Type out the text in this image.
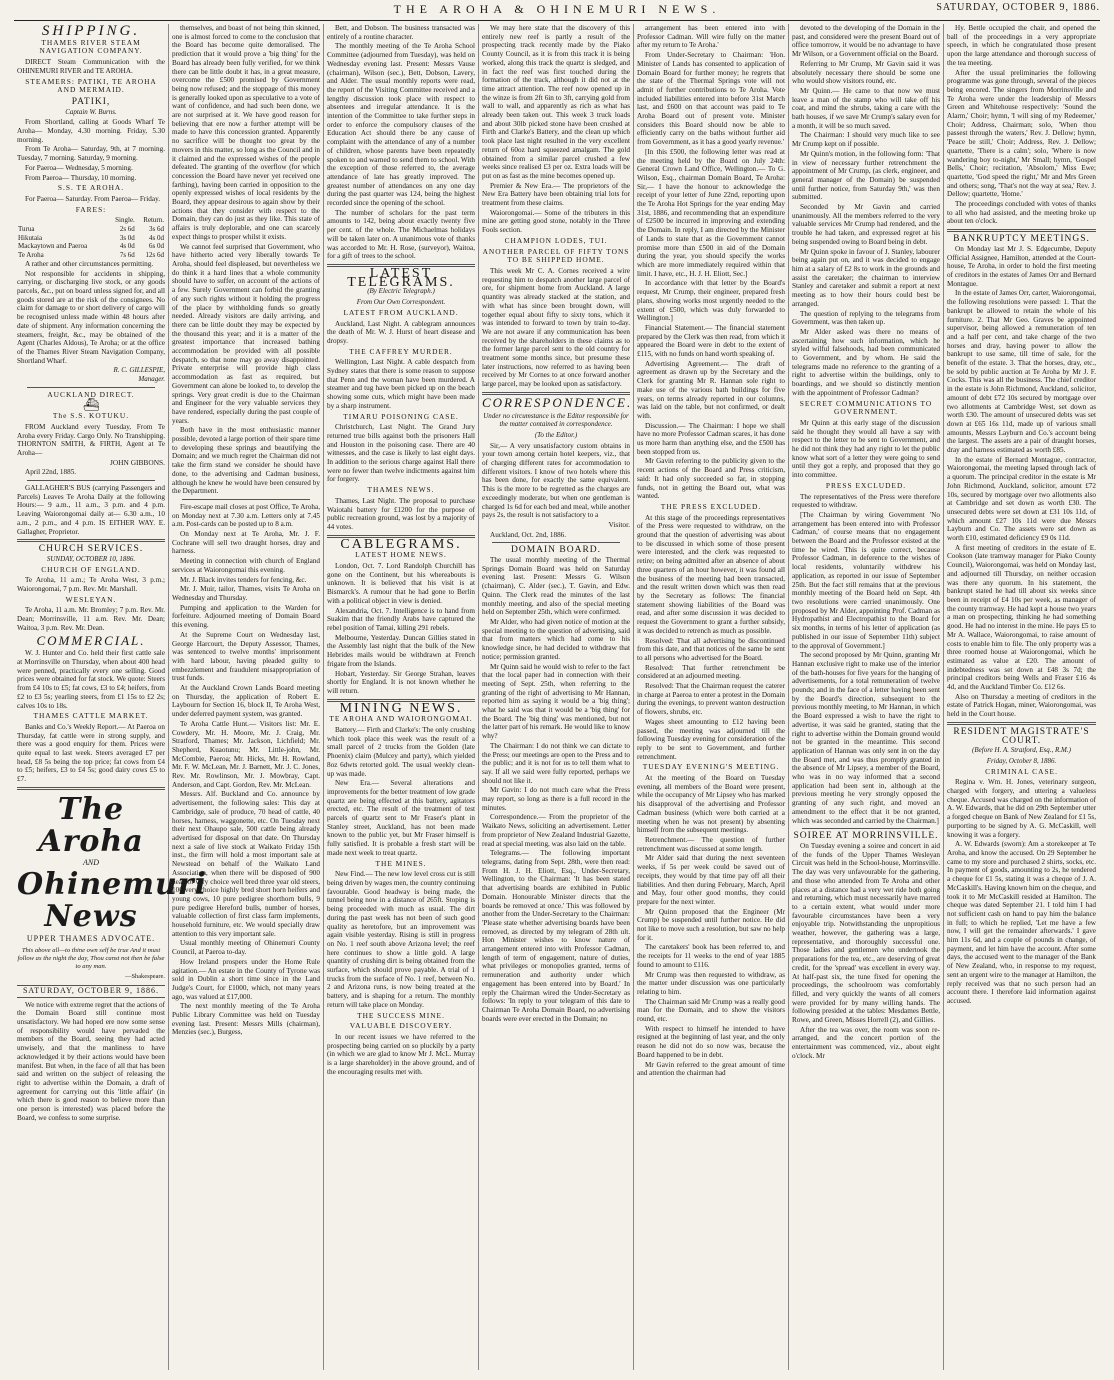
THE AROHA & OHINEMURI NEWS.	SATURDAY, OCTOBER 9, 1886.
SHIPPING.
THAMES RIVER STEAM NAVIGATION COMPANY.

DIRECT Steam Communication with the OHINEMURI RIVER and TE AROHA.

STEAMERS: PATIKI, TE AROHA AND MERMAID.
PATIKI,
Captain W. Burns.

From Shortland, calling at Goods Wharf Te Aroha— Monday, 4.30 morning. Friday, 5.30 morning.

From Te Aroha— Saturday, 9th, at 7 morning. Tuesday, 7 morning. Saturday, 9 morning.

For Paeroa— Wednesday, 5 morning.

From Paeroa— Thursday, 10 morning.

S.S. TE AROHA.

For Paeroa— Saturday. From Paeroa— Friday.

FARES:
	Single.	Return.
Turua	2s 6d	3s 6d
Hikutaia	3s 0d	4s 0d
Mackaytown and Paeroa	4s 0d	6s 0d
Te Aroha	7s 6d	12s 6d

A rather and other circumstances permitting.

Not responsible for accidents in shipping, carrying, or discharging live stock, or any goods parcels, &c., put on board unless signed for, and all goods stored are at the risk of the consignees. No claim for damage to or short delivery of cargo will be recognised unless made within 48 hours after date of shipment. Any information concerning the steamers, freight, &c., may be obtained of the Agent (Charles Aldous), Te Aroha; or at the office of the Thames River Steam Navigation Company, Shortland Wharf.

R. C. GILLESPIE,
Manager.
AUCKLAND DIRECT.
⛴
The S.S. KOTUKU.

FROM Auckland every Tuesday, From Te Aroha every Friday. Cargo Only. No Transhipping. THORNTON SMITH, & FIRTH, Agent at Te Aroha—

JOHN GIBBONS.

April 22nd, 1885.

GALLAGHER'S BUS (carrying Passengers and Parcels) Leaves Te Aroha Daily at the following Hours:— 9 a.m., 11 a.m., 3 p.m. and 4 p.m. Leaving Waiorongomai daily at— 6.30 a.m., 10 a.m., 2 p.m., and 4 p.m. IS EITHER WAY. E. Gallagher, Proprietor.

CHURCH SERVICES.
SUNDAY, OCTOBER 10, 1886.
CHURCH OF ENGLAND.

Te Aroha, 11 a.m.; Te Aroha West, 3 p.m.; Waiorongomai, 7 p.m. Rev. Mr. Marshall.

WESLEYAN.

Te Aroha, 11 a.m. Mr. Bromley; 7 p.m. Rev. Mr. Dean; Morrinsville, 11 a.m. Rev. Mr. Dean; Waitoa, 3 p.m. Rev. Mr. Dean.

COMMERCIAL.

W. J. Hunter and Co. held their first cattle sale at Morrinsville on Thursday, when about 400 head were penned, practically every one selling. Good prices were obtained for fat stock. We quote: Steers from £4 10s to £5; fat cows, £3 to £4; heifers, from £2 to £3 5s; yearling steers, from £1 15s to £2 2s; calves 10s to 18s.

THAMES CATTLE MARKET.

Banks and Co.'s Weekly Report.— At Paeroa on Thursday, fat cattle were in strong supply, and there was a good enquiry for them. Prices were quite equal to last week. Steers averaged £7 per head, £8 5s being the top price; fat cows from £4 to £5; heifers, £3 to £4 5s; good dairy cows £5 to £7.

The Aroha
AND
Ohinemuri News
UPPER THAMES ADVOCATE.
This above all—to thine own self be true And it must follow as the night the day, Thou canst not then be false to any man.
—Shakespeare.
SATURDAY, OCTOBER 9, 1886.

We notice with extreme regret that the actions of the Domain Board still continue most unsatisfactory. We had hoped ere now some sense of responsibility would have pervaded the members of the Board, seeing they had acted unwisely, and that the manliness to have acknowledged it by their actions would have been manifest. But when, in the face of all that has been said and written on the subject of releasing the right to advertise within the Domain, a draft of agreement for carrying out this 'little affair' (in which there is good reason to believe more than one person is interested) was placed before the Board, we confess to some surprise.

themselves, and boast of not being thin skinned, one is almost forced to come to the conclusion that the Board has become quite demoralised. The prediction that it would prove a 'big thing' for the Board has already been fully verified, for we think there can be little doubt it has, in a great measure, overcome the £500 promised by Government being now refused; and the stoppage of this money is generally looked upon as speculative to a vote of want of confidence, and had such been done, we are not surprised at it. We have good reason for believing that ere now a further attempt will be made to have this concession granted. Apparently no sacrifice will be thought too great by the movers in this matter, so long as the Council and in it claimed and the expressed wishes of the people defeated. The granting of the overflow (for which concession the Board have never yet received one farthing), having been carried in opposition to the openly expressed wishes of local residents by the Board, they appear desirous to again show by their actions that they consider with respect to the Domain, they can do just as they like. This state of affairs is truly deplorable, and one can scarcely expect things to prosper whilst it exists.

We cannot feel surprised that Government, who have hitherto acted very liberally towards Te Aroha, should feel displeased, but nevertheless we do think it a hard lines that a whole community should have to suffer, on account of the actions of a few. Surely Government can forbid the granting of any such rights without it holding the progress of the place by withholding funds so greatly needed. Already visitors are daily arriving, and there can be little doubt they may be expected by the thousand this year; and it is a matter of the greatest importance that increased bathing accommodation be provided with all possible despatch, so that none may go away disappointed. Private enterprise will provide high class accommodation as fast as required, but Government can alone be looked to, to develop the springs. Very great credit is due to the Chairman and Engineer for the very valuable services they have rendered, especially during the past couple of years.

Both have in the most enthusiastic manner possible, devoted a large portion of their spare time to developing these springs and beautifying the Domain; and we much regret the Chairman did not take the firm stand we consider he should have done, to the advertising and Cadman business, although he knew he would have been censured by the Department.

Fire-escape mail closes at post Office, Te Aroha, on Monday next at 7.30 a.m. Letters only at 7.45 a.m. Post-cards can be posted up to 8 a.m.

On Monday next at Te Aroha, Mr. J. F. Cochrane will sell two draught horses, dray and harness.

Meeting in connection with church of England services at Waiorongomai this evening.

Mr. J. Black invites tenders for fencing, &c.

Mr. J. Muir, tailor, Thames, visits Te Aroha on Wednesday and Thursday.

Pumping and application to the Warden for forfeiture. Adjourned meeting of Domain Board this evening.

At the Supreme Court on Wednesday last, George Harcourt, the Deputy Assessor, Thames, was sentenced to twelve months' imprisonment with hard labour, having pleaded guilty to embezzlement and fraudulent misappropriation of trust funds.

At the Auckland Crown Lands Board meeting on Thursday, the application of Robert E. Laybourn for Section 16, block II, Te Aroha West, under deferred payment system, was granted.

Te Aroha Cattle Hunt.— Visitors list: Mr. E. Cowdery, Mr. H. Moore, Mr. J. Craig, Mr. Stratford, Thames; Mr. Jackson, Lichfield; Mr. Shepherd, Kuaotunu; Mr. Little-john, Mr. McCombie, Paeroa; Mr. Hicks, Mr. H. Rowland, Mr. F. W. McLean, Mr. J. Barnett, Mr. J. C. Jones, Rev. Mr. Rowlinson, Mr. J. Mowbray, Capt. Anderson, and Capt. Gordon, Rev. Mr. McLean.

Messrs. Alf. Buckland and Co. announce by advertisement, the following sales: This day at Cambridge, sale of produce, 70 head of cattle, 40 horses, harness, waggonette, etc. On Tuesday next their next Ohaupo sale, 500 cattle being already advertised for disposal on that date. On Thursday next a sale of live stock at Waikato Friday 15th inst., the firm will hold a most important sale at Newstead on behalf of the Waikato Land Association, when there will be disposed of 900 head of very choice well bred three year old steers, 100 very choice highly bred short horn heifers and young cows, 10 pure pedigree shorthorn bulls, 9 pure pedigree Hereford bulls, number of horses, valuable collection of first class farm implements, household furniture, etc. We would specially draw attention to this very important sale.

Usual monthly meeting of Ohinemuri County Council, at Paeroa to-day.

How Ireland prospers under the Home Rule agitation.— An estate in the County of Tyrone was sold in Dublin a short time since in the Land Judge's Court, for £1000, which, not many years ago, was valued at £17,000.

The next monthly meeting of the Te Aroha Public Library Committee was held on Tuesday evening last. Present: Messrs Mills (chairman), Menzies (sec.), Burgess,

Bett, and Dobson. The business transacted was entirely of a routine character.

The monthly meeting of the Te Aroha School Committee (adjourned from Tuesday), was held on Wednesday evening last. Present: Messrs Vause (chairman), Wilson (sec.), Bett, Dobson, Lavery, and Alder. The usual monthly reports were read, the report of the Visiting Committee received and a lengthy discussion took place with respect to absentees and irregular attendance. It is the intention of the Committee to take further steps in order to enforce the compulsory clauses of the Education Act should there be any cause of complaint with the attendance of any of a number of children, whose parents have been repeatedly spoken to and warned to send them to school. With the exception of those referred to, the average attendance of late has greatly improved. The greatest number of attendances on any one day during the past quarter was 124, being the highest recorded since the opening of the school.

The number of scholars for the past term amounts to 142, being about exactly twenty five per cent. of the whole. The Michaelmas holidays will be taken later on. A unanimous vote of thanks was accorded to Mr. H. Rose, (surveyor), Waitoa, for a gift of trees to the school.

LATEST TELEGRAMS.
(By Electric Telegraph.)
From Our Own Correspondent.
LATEST FROM AUCKLAND.

Auckland, Last Night. A cablegram announces the death of Mr. W. J. Hurst of heart disease and dropsy.

THE CAFFREY MURDER.

Wellington, Last Night. A cable despatch from Sydney states that there is some reason to suppose that Penn and the woman have been murdered. A steamer and tug have been picked up on the beach showing some cuts, which might have been made by a sharp instrument.

TIMARU POISONING CASE.

Christchurch, Last Night. The Grand Jury returned true bills against both the prisoners Hall and Houston in the poisoning case. There are 40 witnesses, and the case is likely to last eight days. In addition to the serious charge against Hall there were no fewer than twelve indictments against him for forgery.

THAMES NEWS.

Thames, Last Night. The proposal to purchase Waiotahi battery for £1200 for the purpose of public recreation ground, was lost by a majority of 44 votes.

CABLEGRAMS.
LATEST HOME NEWS.

London, Oct. 7. Lord Randolph Churchill has gone on the Continent, but his whereabouts is unknown. It is believed that his visit is at Bismarck's. A rumour that he had gone to Berlin with a political object in view is denied.

Alexandria, Oct. 7. Intelligence is to hand from Suakim that the friendly Arabs have captured the rebel position of Tamai, killing 291 rebels.

Melbourne, Yesterday. Duncan Gillies stated in the Assembly last night that the bulk of the New Hebrides mails would be withdrawn at French frigate from the Islands.

Hobart, Yesterday. Sir George Strahan, leaves shortly for England. It is not known whether he will return.

MINING NEWS.
TE AROHA AND WAIORONGOMAI.

Battery.— Firth and Clarke's: The only crushing which took place this week was the result of a small parcel of 2 trucks from the Golden (late Phoenix) claim (Mulcey and party), which yielded 8oz 6dwts retorted gold. The usual weekly clean-up was made.

New Era.— Several alterations and improvements for the better treatment of low grade quartz are being effected at this battery, agitators erected, etc. The result of the treatment of test parcels of quartz sent to Mr Fraser's plant in Stanley street, Auckland, has not been made known to the public yet, but Mr Fraser himself is fully satisfied. It is probable a fresh start will be made next week to treat quartz.

THE MINES.

New Find.— The new low level cross cut is still being driven by wages men, the country continuing favourable. Good headway is being made, the tunnel being now in a distance of 265ft. Stoping is being proceeded with much as usual. The dirt during the past week has not been of such good quality as heretofore, but an improvement was again visible yesterday. Rising is still in progress on No. 1 reef south above Arizona level; the reef here continues to show a little gold. A large quantity of crushing dirt is being obtained from the surface, which should prove payable. A trial of 1 trucks from the surface of No. 1 reef, between No. 2 and Arizona runs, is now being treated at the battery, and is shaping for a return. The monthly return will take place on Monday.

THE SUCCESS MINE.
VALUABLE DISCOVERY.

In our recent issues we have referred to the prospecting being carried on so pluckily by a party (in which we are glad to know Mr J. McL. Murray is a large shareholder) in the above ground, and of the encouraging results met with.

We may here state that the discovery of this entirely new reef is partly a result of the prospecting track recently made by the Piako County Council, as it is from this track it is being worked, along this track the quartz is sledged, and in fact the reef was first touched during the formation of the track, although it did not at the time attract attention. The reef now opened up in the winze is from 2ft 6in to 3ft, carrying gold from wall to wall, and apparently as rich as what has already been taken out. This week 3 truck loads and about 30lb picked stone have been crushed at Firth and Clarke's Battery, and the clean up which took place last night resulted in the very excellent return of 60oz hard squeezed amalgam. The gold obtained from a similar parcel crushed a few weeks since realised £3 per oz. Extra loads will be put on as fast as the mine becomes opened up.

Premier & New Era.— The proprietors of the New Era Battery have been obtaining trial lots for treatment from these claims.

Waiorongomai.— Some of the tributers in this mine are getting good stone, notably in the Three Fools section.

CHAMPION LODES, TUI.
ANOTHER PARCEL OF FIFTY TONS TO BE SHIPPED HOME.

This week Mr C. A. Cornes received a wire requesting him to despatch another large parcel of ore, for shipment home from Auckland. A large quantity was already stacked at the station, and with what has since been brought down, will together equal about fifty to sixty tons, which it was intended to forward to town by train to-day. We are not aware if any communication has been received by the shareholders in these claims as to the former large parcel sent to the old country for treatment some months since, but presume these later instructions, now referred to as having been received by Mr Cornes to at once forward another large parcel, may be looked upon as satisfactory.

CORRESPONDENCE.
Under no circumstance is the Editor responsible for the matter contained in correspondence.
(To the Editor.)

Sir,— A very unsatisfactory custom obtains in your town among certain hotel keepers, viz., that of charging different rates for accommodation to different visitors. I know of two hotels where this has been done, for exactly the same equivalent. This is the more to be regretted as the charges are exceedingly moderate, but when one gentleman is charged 1s 6d for each bed and meal, while another pays 2s, the result is not satisfactory to a

Visitor.

Auckland, Oct. 2nd, 1886.

DOMAIN BOARD.

The usual monthly meeting of the Thermal Springs Domain Board was held on Saturday evening last. Present: Messrs G. Wilson (chairman), C. Alder (sec.), T. Gavin, and Edw. Quinn. The Clerk read the minutes of the last monthly meeting, and also of the special meeting held on September 25th, which were confirmed.

Mr Alder, who had given notice of motion at the special meeting to the question of advertising, said that from matters which had come to his knowledge since, he had decided to withdraw that notice; permission granted.

Mr Quinn said he would wish to refer to the fact that the local paper had in connection with their meeting of Sept. 25th, when referring to the granting of the right of advertising to Mr Hannan, reported him as saying it would be a 'big thing'; what he said was that it would be a 'big thing' for the Board. The 'big thing' was mentioned, but not the latter part of his remark. He would like to know why?

The Chairman: I do not think we can dictate to the Press; our meetings are open to the Press and to the public; and it is not for us to tell them what to say. If all we said were fully reported, perhaps we should not like it.

Mr Gavin: I do not much care what the Press may report, so long as there is a full record in the minutes.

Correspondence.— From the proprietor of the Waikato News, soliciting an advertisement. Letter from proprietor of New Zealand Industrial Gazette, read at special meeting, was also laid on the table.

Telegrams.— The following important telegrams, dating from Sept. 28th, were then read: From H. J. H. Eliott, Esq., Under-Secretary, Wellington, to the Chairman: 'It has been stated that advertising boards are exhibited in Public Domain. Honourable Minister directs that the boards be removed at once.' This was followed by another from the Under-Secretary to the Chairman: 'Please state whether advertising boards have been removed, as directed by my telegram of 28th ult. Hon Minister wishes to know nature of arrangement entered into with Professor Cadman, length of term of engagement, nature of duties, what privileges or monopolies granted, terms of remuneration and authority under which engagement has been entered into by Board.' In reply the Chairman wired the Under-Secretary as follows: 'In reply to your telegram of this date to Chairman Te Aroha Domain Board, no advertising boards were ever erected in the Domain; no

arrangement has been entered into with Professor Cadman. Will wire fully on the matter after my return to Te Aroha.'

From Under-Secretary to Chairman: 'Hon. Minister of Lands has consented to application of Domain Board for further money; he regrets that the state of the Thermal Springs vote will not admit of further contributions to Te Aroha. Vote included liabilities entered into before 31st March last, and £600 on that account was paid to Te Aroha Board out of present vote. Minister considers this Board should now be able to efficiently carry on the baths without further aid from Government, as it has a good yearly revenue.'

[In this £500, the following letter was read at the meeting held by the Board on July 24th: General Crown Land Office, Wellington.— To G. Wilson, Esq., chairman Domain Board, Te Aroha: Sir,— I have the honour to acknowledge the receipt of your letter of June 22nd, reporting upon the Te Aroha Hot Springs for the year ending May 31st, 1886, and recommending that an expenditure of £2500 be incurred in improving and extending the Domain. In reply, I am directed by the Minister of Lands to state that as the Government cannot promise more than £500 in aid of the Domain during the year, you should specify the works which are more immediately required within that limit. I have, etc., H. J. H. Eliott, Sec.]

In accordance with that letter by the Board's request, Mr Crump, their engineer, prepared fresh plans, showing works most urgently needed to the extent of £500, which was duly forwarded to Wellington.]

Financial Statement.— The financial statement prepared by the Clerk was then read, from which it appeared the Board were in debt to the extent of £115, with no funds on hand worth speaking of.

Advertising Agreement.— The draft of agreement as drawn up by the Secretary and the Clerk for granting Mr R. Hannan sole right to make use of the various bath buildings for five years, on terms already reported in our columns, was laid on the table, but not confirmed, or dealt with.

Discussion.— The Chairman: I hope we shall have no more Professor Cadman scares, it has done us more harm than anything else, and the £500 has been stopped from us.

Mr Gavin referring to the publicity given to the recent actions of the Board and Press criticism, said: It had only succeeded so far, in stopping funds, not in getting the Board out, what was wanted.

THE PRESS EXCLUDED.

At this stage of the proceedings representatives of the Press were requested to withdraw, on the ground that the question of advertising was about to be discussed in which some of those present were interested, and the clerk was requested to retire; on being admitted after an absence of about three quarters of an hour however, it was found all the business of the meeting had been transacted, and the result written down which was then read by the Secretary as follows: The financial statement showing liabilities of the Board was read, and after some discussion it was decided to request the Government to grant a further subsidy, it was decided to retrench as much as possible.

Resolved: That all advertising be discontinued from this date, and that notices of the same be sent to all persons who advertised for the Board.

Resolved: That further retrenchment be considered at an adjourned meeting.

Resolved: That the Chairman request the caterer in charge at Paeroa to enter a protest in the Domain during the evenings, to prevent wanton destruction of flowers, shrubs, etc.

Wages sheet amounting to £12 having been passed, the meeting was adjourned till the following Tuesday evening for consideration of the reply to be sent to Government, and further retrenchment.

TUESDAY EVENING'S MEETING.

At the meeting of the Board on Tuesday evening, all members of the Board were present, while the occupancy of Mr Lipsey who has marked his disapproval of the advertising and Professor Cadman business (which were both carried at a meeting when he was not present) by absenting himself from the subsequent meetings.

Retrenchment.— The question of further retrenchment was discussed at some length.

Mr Alder said that during the next seventeen weeks, if 5s per week could be saved out of receipts, they would by that time pay off all their liabilities. And then during February, March, April and May, four other good months, they could prepare for the next winter.

Mr Quinn proposed that the Engineer (Mr Crump) be suspended until further notice. He did not like to move such a resolution, but saw no help for it.

The caretakers' book has been referred to, and the receipts for 11 weeks to the end of year 1885 found to amount to £116.

Mr Crump was then requested to withdraw, as the matter under discussion was one particularly relating to him.

The Chairman said Mr Crump was a really good man for the Domain, and to show the visitors round, etc.

With respect to himself he intended to have resigned at the beginning of last year, and the only reason he did not do so now was, because the Board happened to be in debt.

Mr Gavin referred to the great amount of time and attention the chairman had

devoted to the developing of the Domain in the past, and considered were the present Board out of office tomorrow, it would be no advantage to have Mr Wilson, or a Government official on the Board.

Referring to Mr Crump, Mr Gavin said it was absolutely necessary there should be some one who would show visitors round, etc.

Mr Quinn.— He came to that now we must leave a man of the stamp who will take off his coat, and mind the shrubs, taking a care with the bath houses, if we save Mr Crump's salary even for a month, it will be so much saved.

The Chairman: I should very much like to see Mr Crump kept on if possible.

Mr Quinn's motion, in the following form: 'That in view of necessary further retrenchment the appointment of Mr Crump, (as clerk, engineer, and general manager of the Domain) be suspended until further notice, from Saturday 9th,' was then submitted.

Seconded by Mr Gavin and carried unanimously. All the members referred to the very valuable services Mr Crump had rendered, and the trouble he had taken, and expressed regret at his being suspended owing to Board being in debt.

Mr Quinn spoke in favour of J. Stanley, labourer being again put on, and it was decided to engage him at a salary of £2 8s to work in the grounds and assist the caretaker; the chairman to interview Stanley and caretaker and submit a report at next meeting as to how their hours could best be arranged.

The question of replying to the telegrams from Government, was then taken up.

Mr Alder asked was there no means of ascertaining how such information, which he styled wilful falsehoods, had been communicated to Government, and by whom. He said the telegrams made no reference to the granting of a right to advertise within the buildings, only to boardings, and we should so distinctly mention with the appointment of Professor Cadman?

SECRET COMMUNICATIONS TO GOVERNMENT.

Mr Quinn at this early stage of the discussion said he thought they would all have a say with respect to the letter to be sent to Government, and he did not think they had any right to let the public know what sort of a letter they were going to send until they got a reply, and proposed that they go into committee.

PRESS EXCLUDED.

The representatives of the Press were therefore requested to withdraw.

[The Chairman by wiring Government 'No arrangement has been entered into with Professor Cadman,' of course means that no engagement between the Board and the Professor existed at the time he wired. This is quite correct, because Professor Cadman, in deference to the wishes of local residents, voluntarily withdrew his application, as reported in our issue of September 25th. But the fact still remains that at the previous monthly meeting of the Board held on Sept. 4th two resolutions were carried unanimously. One proposed by Mr Alder, appointing Prof. Cadman as Hydropathist and Electropathist to the Board for six months, in terms of his letter of application (as published in our issue of September 11th) subject to the approval of Government.]

The second proposed by Mr Quinn, granting Mr Hannan exclusive right to make use of the interior of the bath-houses for five years for the hanging of advertisements, for a total remuneration of twelve pounds; and in the face of a letter having been sent by the Board's direction, subsequent to the previous monthly meeting, to Mr Hannan, in which the Board expressed a wish to have the right to advertise, it was said he granted, stating that the right to advertise within the Domain ground would not be granted in the meantime. This second application of Hannan was only sent in on the day the Board met, and was thus promptly granted in the absence of Mr Lipsey, a member of the Board, who was in no way informed that a second application had been sent in, although at the previous meeting he very strongly opposed the granting of any such right, and moved an amendment to the effect that it be not granted, which was seconded and carried by the Chairman.]

SOIREE AT MORRINSVILLE.

On Tuesday evening a soiree and concert in aid of the funds of the Upper Thames Wesleyan Circuit was held in the School-house, Morrinsville. The day was very unfavourable for the gathering, and those who attended from Te Aroha and other places at a distance had a very wet ride both going and returning, which must necessarily have marred to a certain extent, what would under more favourable circumstances have been a very enjoyable trip. Notwithstanding the unpropitious weather, however, the gathering was a large, representative, and thoroughly successful one. Those ladies and gentlemen who undertook the preparations for the tea, etc., are deserving of great credit, for the 'spread' was excellent in every way. At half-past six, the tune fixed for opening the proceedings, the schoolroom was comfortably filled, and very quickly the wants of all comers were provided for by many willing hands. The following presided at the tables: Mesdames Bettle, Rowe, and Green, Misses Horrell (2), and Gillies.

After the tea was over, the room was soon re-arranged, and the concert portion of the entertainment was commenced, viz., about eight o'clock. Mr

Hy. Bettle occupied the chair, and opened the ball of the proceedings in a very appropriate speech, in which he congratulated those present upon the large attendance and thorough success of the tea meeting.

After the usual preliminaries the following programme was gone through, several of the pieces being encored. The singers from Morrinsville and Te Aroha were under the leadership of Messrs Green and Whitehouse respectively: 'Sound the Alarm,' Choir; hymn, 'I will sing of my Redeemer,' Choir; Address, Chairman; solo, 'When thou passest through the waters,' Rev. J. Dellow; hymn, 'Peace be still,' Choir; Address, Rev. J. Dellow; quartette, 'There is a calm'; solo, 'Where is now wandering boy to-night,' Mr Small; hymn, 'Gospel Bells,' Choir; recitation, 'Absolom,' Miss Ewe; quartette, 'God speed the right,' Mr and Mrs Green and others; song, 'That's not the way at sea,' Rev. J. Dellow; quartette, 'Home.'

The proceedings concluded with votes of thanks to all who had assisted, and the meeting broke up about ten o'clock.

BANKRUPTCY MEETINGS.

On Monday last Mr J. S. Edgecumbe, Deputy Official Assignee, Hamilton, attended at the Court-house, Te Aroha, in order to hold the first meeting of creditors in the estates of James Orr and Bernard Montague.

In the estate of James Orr, carter, Waiorongomai, the following resolutions were passed: 1. That the bankrupt be allowed to retain the whole of his furniture. 2. That Mr Geo. Graves be appointed supervisor, being allowed a remuneration of ten and a half per cent, and take charge of the two horses and dray, having power to allow the bankrupt to use same, till time of sale, for the benefit of the estate. 3. That the horses, dray, etc., be sold by public auction at Te Aroha by Mr J. F. Cocks. This was all the business. The chief creditor in the estate is John Richmond, Auckland, solicitor, amount of debt £72 10s secured by mortgage over two allotments at Cambridge West, set down as worth £30. The amount of unsecured debts was set down at £65 16s 11d, made up of various small amounts, Messrs Layburn and Co.'s account being the largest. The assets are a pair of draught horses, dray and harness estimated as worth £85.

In the estate of Bernard Montague, contractor, Waiorongomai, the meeting lapsed through lack of a quorum. The principal creditor in the estate is Mr John Richmond, Auckland, solicitor, amount £72 10s, secured by mortgage over two allotments also at Cambridge and set down as worth £30. The unsecured debts were set down at £31 10s 11d, of which amount £27 10s 11d were due Messrs Layburn and Co. The assets were set down as worth £10, estimated deficiency £9 0s 11d.

A first meeting of creditors in the estate of E. Cookson (late tramway manager for Piako County Council), Waiorongomai, was held on Monday last, and adjourned till Thursday, on neither occasion was there any quorum. In his statement, the bankrupt stated he had till about six weeks since been in receipt of £4 10s per week, as manager of the county tramway. He had kept a house two years a man on prospecting, thinking he had something good. He had no interest in the mine. He pays £5 to Mr A. Wallace, Waiorongomai, to raise amount of costs to enable him to file. The only property was a three roomed house at Waiorongomai, which he estimated as value at £20. The amount of indebtedness was set down at £48 3s 7d; the principal creditors being Wells and Fraser £16 4s 4d, and the Auckland Timber Co. £12 6s.

Also on Thursday a meeting of creditors in the estate of Patrick Hogan, miner, Waiorongomai, was held in the Court house.

RESIDENT MAGISTRATE'S COURT.
(Before H. A. Stratford, Esq., R.M.)
Friday, October 8, 1886.
CRIMINAL CASE.

Regina v. Wm. H. Jones, veterinary surgeon, charged with forgery, and uttering a valueless cheque. Accused was charged on the information of A. W. Edwards, that he did on 29th September utter a forged cheque on Bank of New Zealand for £1 5s, purporting to be signed by A. G. McCaskill, well knowing it was a forgery.

A. W. Edwards (sworn): Am a storekeeper at Te Aroha, and know the accused. On 29 September he came to my store and purchased 2 shirts, socks, etc. In payment of goods, amounting to 2s, he tendered a cheque for £1 5s, stating it was a cheque of J. A. McCaskill's. Having known him on the cheque, and took it to Mr McCaskill resided at Hamilton. The cheque was dated September 21. I told him I had not sufficient cash on hand to pay him the balance in full; to which he replied, 'Let me have a few now, I will get the remainder afterwards.' I gave him 11s 6d, and a couple of pounds in change, of payment, and let him have the account. After some days, the accused went to the manager of the Bank of New Zealand, who, in response to my request, sent an urgent wire to the manager at Hamilton, the reply received was that no such person had an account there. I therefore laid information against accused.
